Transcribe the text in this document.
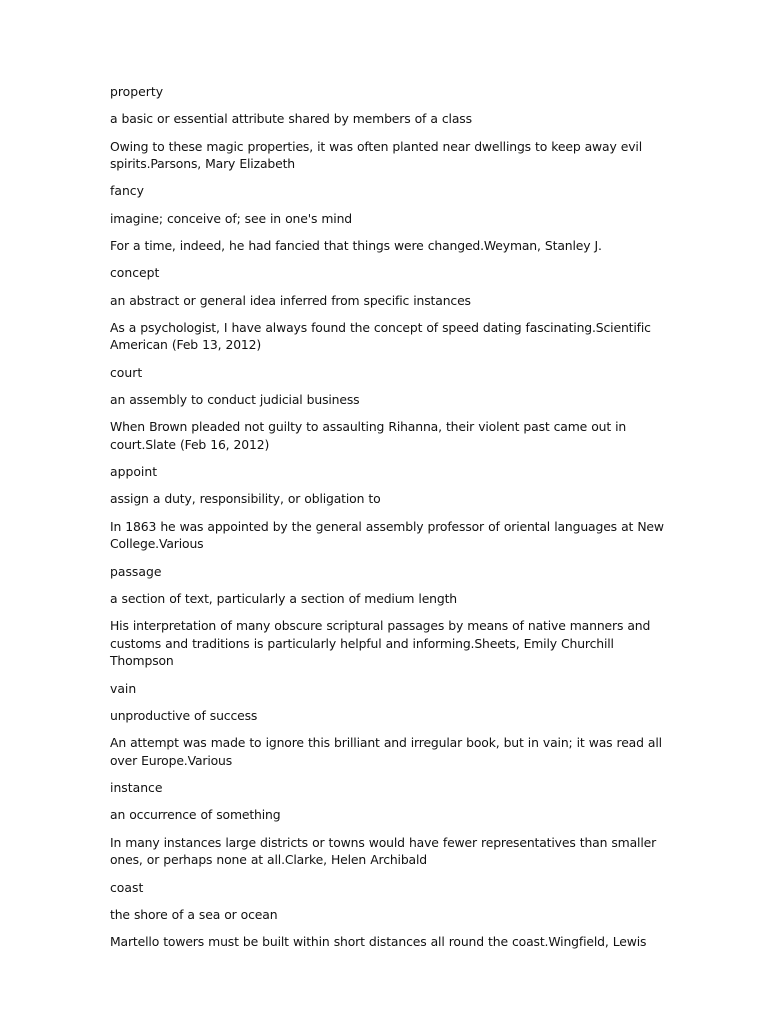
property

a basic or essential attribute shared by members of a class

Owing to these magic properties, it was often planted near dwellings to keep away evil spirits.Parsons, Mary Elizabeth

fancy

imagine; conceive of; see in one's mind

For a time, indeed, he had fancied that things were changed.Weyman, Stanley J.

concept

an abstract or general idea inferred from specific instances

As a psychologist, I have always found the concept of speed dating fascinating.Scientific American (Feb 13, 2012)

court

an assembly to conduct judicial business

When Brown pleaded not guilty to assaulting Rihanna, their violent past came out in court.Slate (Feb 16, 2012)

appoint

assign a duty, responsibility, or obligation to

In 1863 he was appointed by the general assembly professor of oriental languages at New College.Various

passage

a section of text, particularly a section of medium length

His interpretation of many obscure scriptural passages by means of native manners and customs and traditions is particularly helpful and informing.Sheets, Emily Churchill Thompson

vain

unproductive of success

An attempt was made to ignore this brilliant and irregular book, but in vain; it was read all over Europe.Various

instance

an occurrence of something

In many instances large districts or towns would have fewer representatives than smaller ones, or perhaps none at all.Clarke, Helen Archibald

coast

the shore of a sea or ocean

Martello towers must be built within short distances all round the coast.Wingfield, Lewis
